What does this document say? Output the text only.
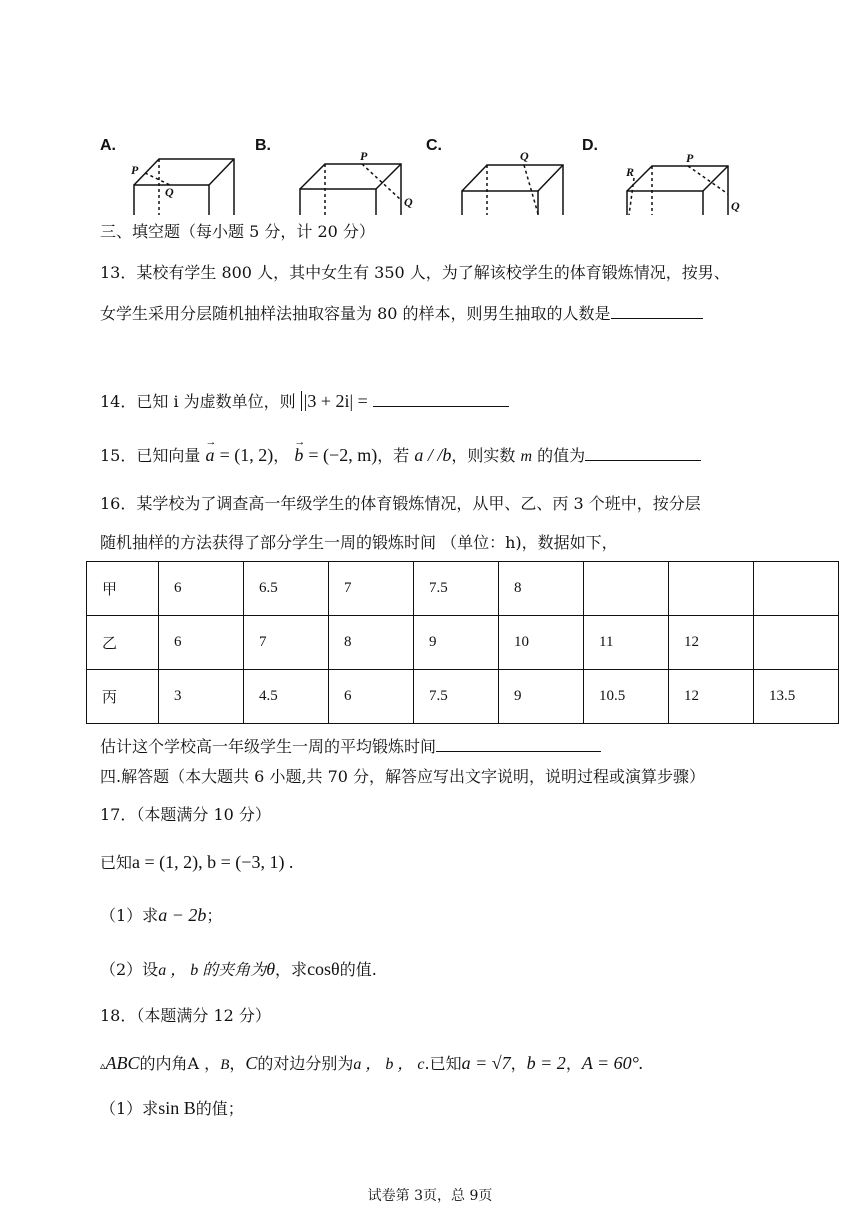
A.	B.	C.	D.
P
Q
P
Q
Q	P
Q
R
三、填空题（每小题 5 分，计 20 分）
13．某校有学生 800 人，其中女生有 350 人，为了解该校学生的体育锻炼情况，按男、
女学生采用分层随机抽样法抽取容量为 80 的样本，则男生抽取的人数是
14．已知 i 为虚数单位，则 |3 + 2i| =
15．已知向量 → a = (1, 2)， → b = (−2, m)，若 a / /b，则实数 m 的值为
16．某学校为了调查高一年级学生的体育锻炼情况，从甲、乙、丙 3 个班中，按分层
随机抽样的方法获得了部分学生一周的锻炼时间 （单位：h)，数据如下，
甲	6	6.5	7	7.5	8			
乙	6	7	8	9	10	11	12	
丙	3	4.5	6	7.5	9	10.5	12	13.5
估计这个学校高一年级学生一周的平均锻炼时间
四.解答题（本大题共 6 小题,共 70 分，解答应写出文字说明，说明过程或演算步骤）
17．（本题满分 10 分）
已知a = (1, 2), b = (−3, 1) .
（1）求a − 2b；
（2）设a ， b 的夹角为θ，求cosθ的值.
18．（本题满分 12 分）
▵ABC的内角A ，B，C的对边分别为a ， b ， c.已知a = √7，b = 2，A = 60°.
（1）求sin B的值；
试卷第 3页，总 9页
